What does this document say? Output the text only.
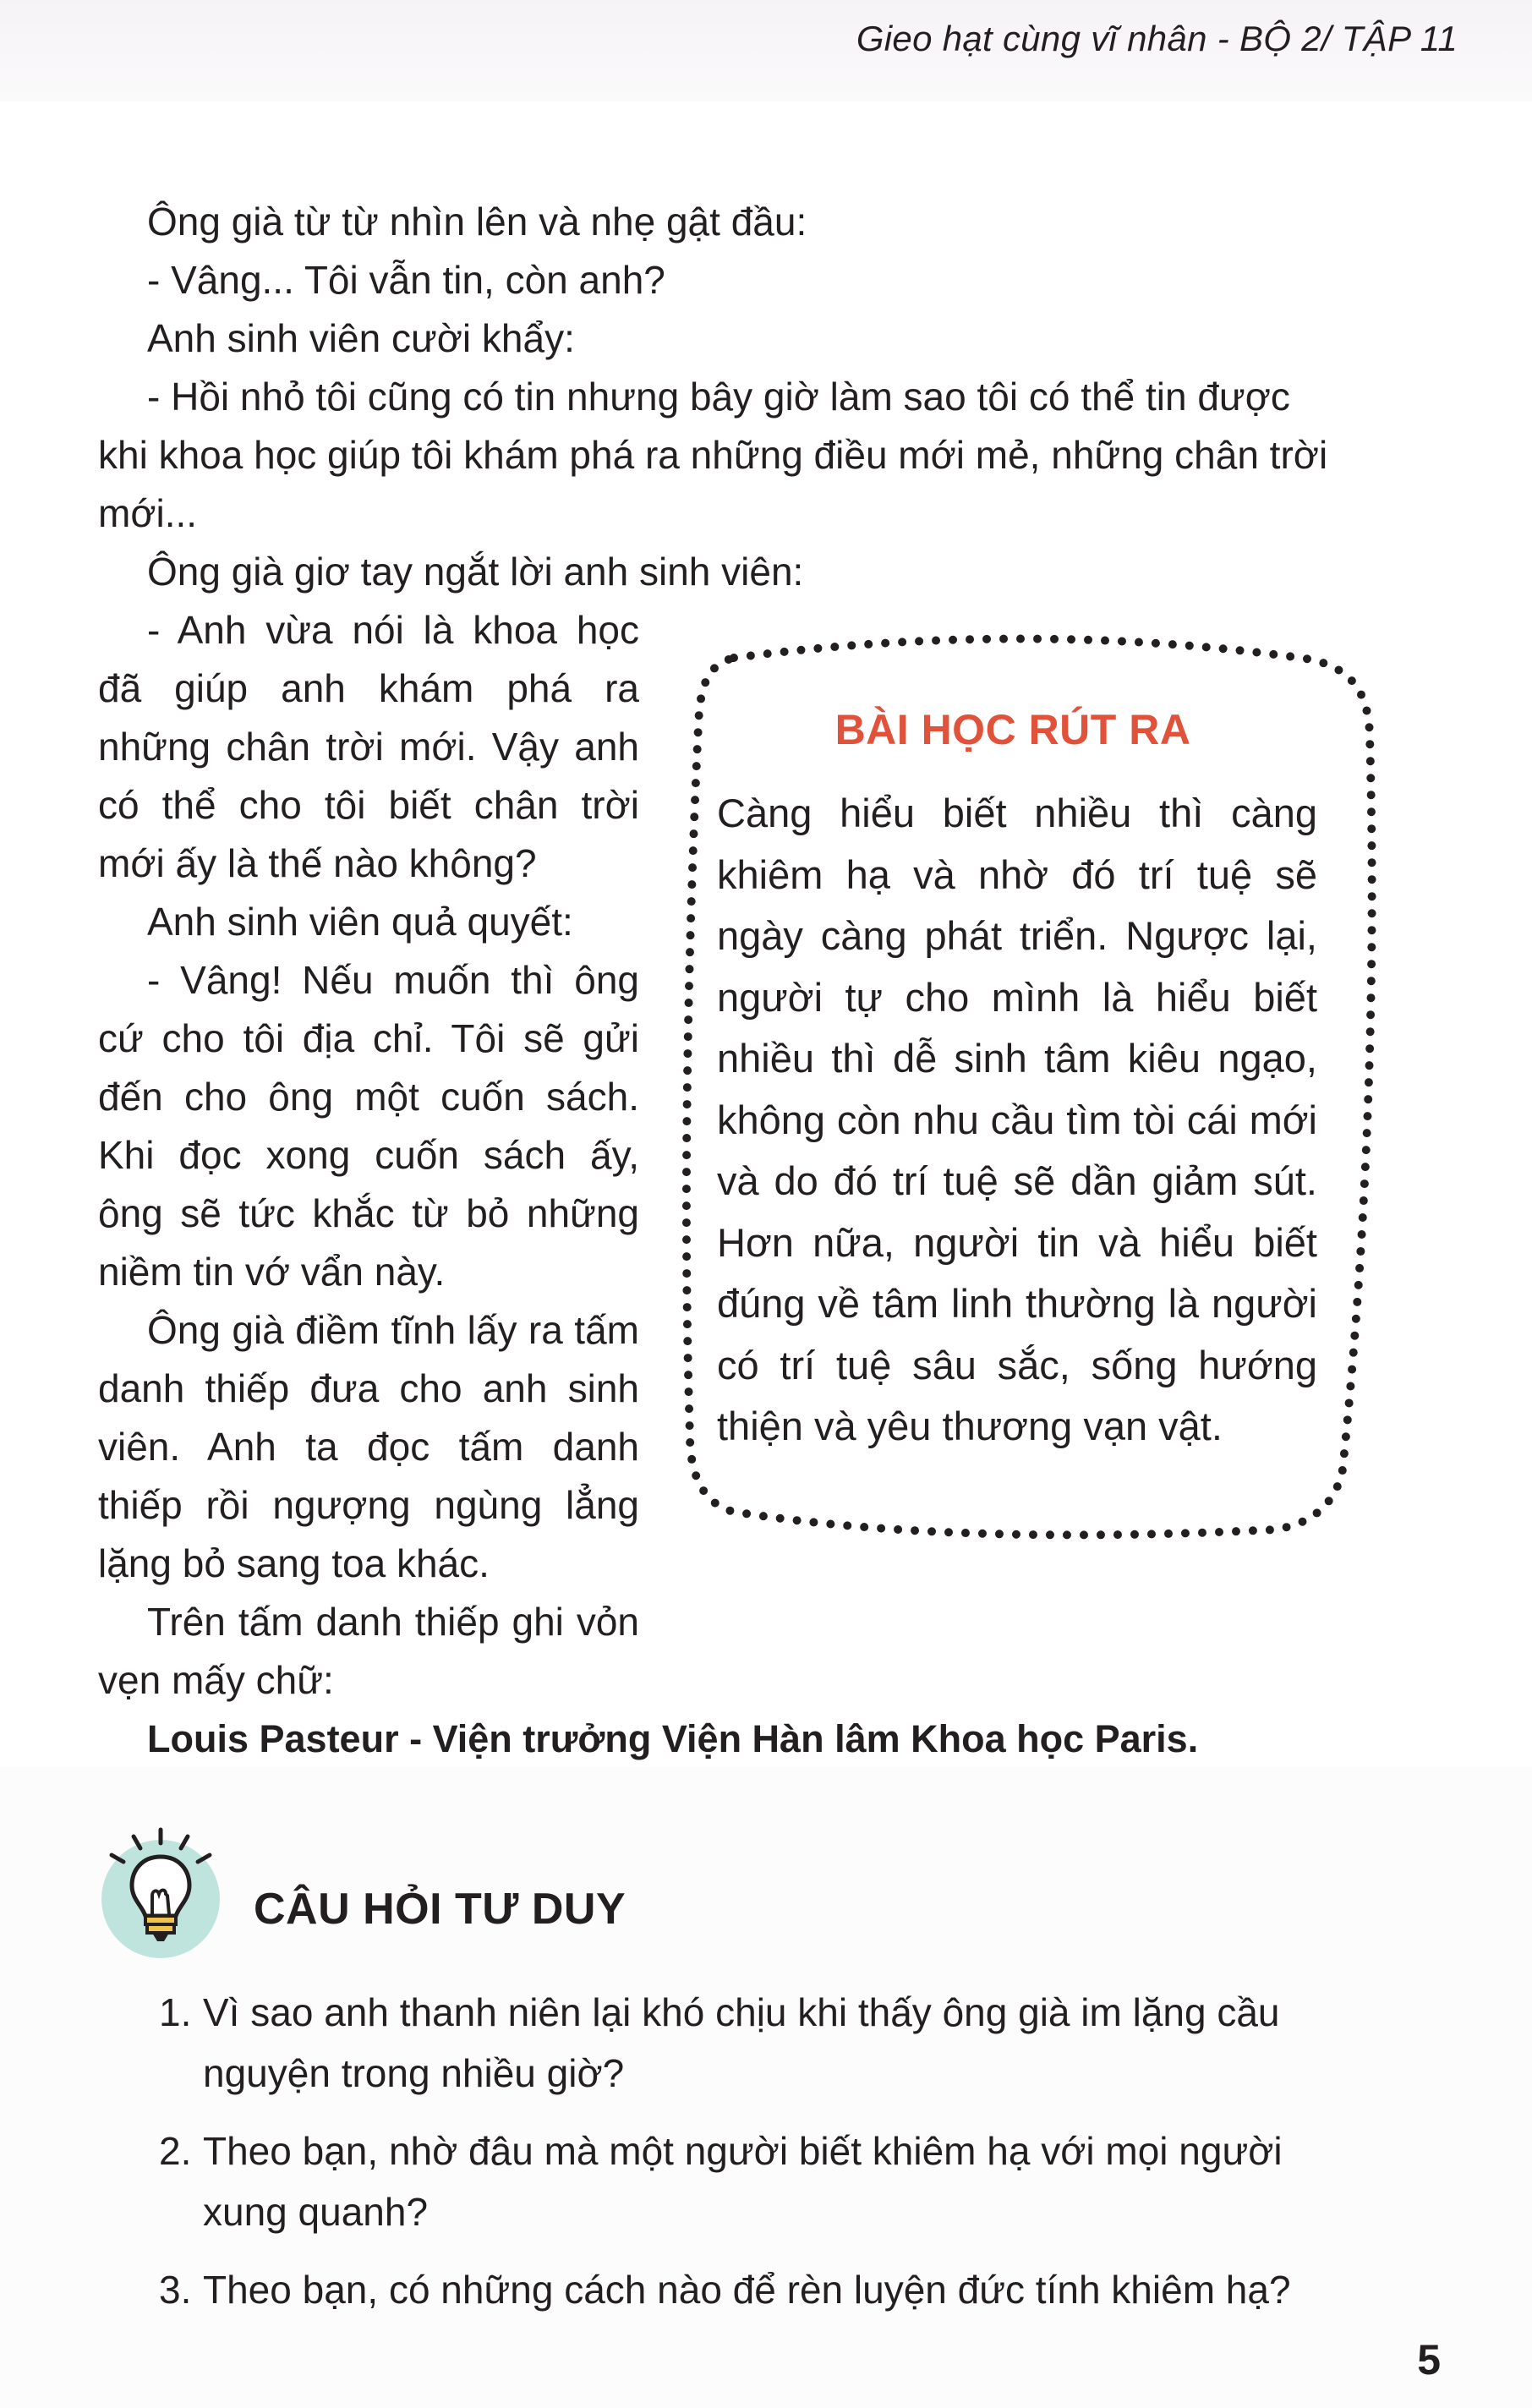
Gieo hạt cùng vĩ nhân - BỘ 2/ TẬP 11

Ông già từ từ nhìn lên và nhẹ gật đầu:

- Vâng... Tôi vẫn tin, còn anh?

Anh sinh viên cười khẩy:

- Hồi nhỏ tôi cũng có tin nhưng bây giờ làm sao tôi có thể tin được khi khoa học giúp tôi khám phá ra những điều mới mẻ, những chân trời mới...

Ông già giơ tay ngắt lời anh sinh viên:

- Anh vừa nói là khoa học đã giúp anh khám phá ra những chân trời mới. Vậy anh có thể cho tôi biết chân trời mới ấy là thế nào không?

Anh sinh viên quả quyết:

- Vâng! Nếu muốn thì ông cứ cho tôi địa chỉ. Tôi sẽ gửi đến cho ông một cuốn sách. Khi đọc xong cuốn sách ấy, ông sẽ tức khắc từ bỏ những niềm tin vớ vẩn này.

Ông già điềm tĩnh lấy ra tấm danh thiếp đưa cho anh sinh viên. Anh ta đọc tấm danh thiếp rồi ngượng ngùng lẳng lặng bỏ sang toa khác.

Trên tấm danh thiếp ghi vỏn vẹn mấy chữ:

Louis Pasteur - Viện trưởng Viện Hàn lâm Khoa học Paris.

BÀI HỌC RÚT RA
Càng hiểu biết nhiều thì càng khiêm hạ và nhờ đó trí tuệ sẽ ngày càng phát triển. Ngược lại, người tự cho mình là hiểu biết nhiều thì dễ sinh tâm kiêu ngạo, không còn nhu cầu tìm tòi cái mới và do đó trí tuệ sẽ dần giảm sút. Hơn nữa, người tin và hiểu biết đúng về tâm linh thường là người có trí tuệ sâu sắc, sống hướng thiện và yêu thương vạn vật.
CÂU HỎI TƯ DUY
1. Vì sao anh thanh niên lại khó chịu khi thấy ông già im lặng cầu nguyện trong nhiều giờ?
2. Theo bạn, nhờ đâu mà một người biết khiêm hạ với mọi người xung quanh?
3. Theo bạn, có những cách nào để rèn luyện đức tính khiêm hạ?
5
